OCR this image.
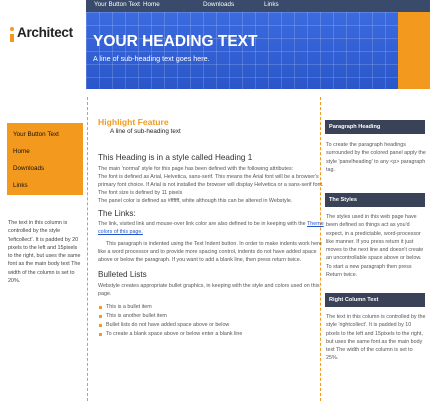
Your Button Text Home	Downloads	Links
Architect
YOUR HEADING TEXT
A line of sub-heading text goes here.
Your Button Text
Home
Downloads
Links
The text in this column is controlled by the style 'leftcollect'. It is padded by 20 pixels to the left and 15pixels to the right, but uses the same font as the main body text The width of the column is set to 20%.
Highlight Feature
A line of sub-heading text
This Heading is in a style called Heading 1
The main 'normal' style for this page has been defined with the following attributes:
The font is defined as Arial, Helvetica, sans-serif. This means the Arial font will be a browser's
primary font choice. If Arial is not installed the browser will display Helvetica or a sans-serif font.
The font size is defined by 11 pixels
The panel color is defined as #ffffff, white although this can be altered in Webstyle.
The Links:
The link, visited link and mouse-over link color are also defined to be in keeping with the Theme
colors of this page.
This paragraph is indented using the Text Indent button. In order to make indents work here
like a word processor and to provide more spacing control, indents do not have added space
above or below the paragraph. If you want to add a blank line, then press return twice.
Bulleted Lists
Webstyle creates appropriate bullet graphics, in keeping with the style and colors used on this
page.
This is a bullet item
This is another bullet item
Bullet lists do not have added space above or below
To create a blank space above or below enter a blank line
Paragraph Heading
To create the paragraph headings surrounded by the colored panel apply the style 'panelheading' to any <p> paragraph tag.
The Styles
The styles used in this web page have been defined so things act as you'd expect, in a predictable, word-processor like manner. If you press return it just moves to the next line and doesn't create an uncontrollable space above or below. To start a new paragraph then press Return twice.
Right Column Text
The text in this column is controlled by the style 'rightcollect'. It is padded by 10 pixels to the left and 15pixels to the right, but uses the same font as the main body text The width of the column is set to 25%.
